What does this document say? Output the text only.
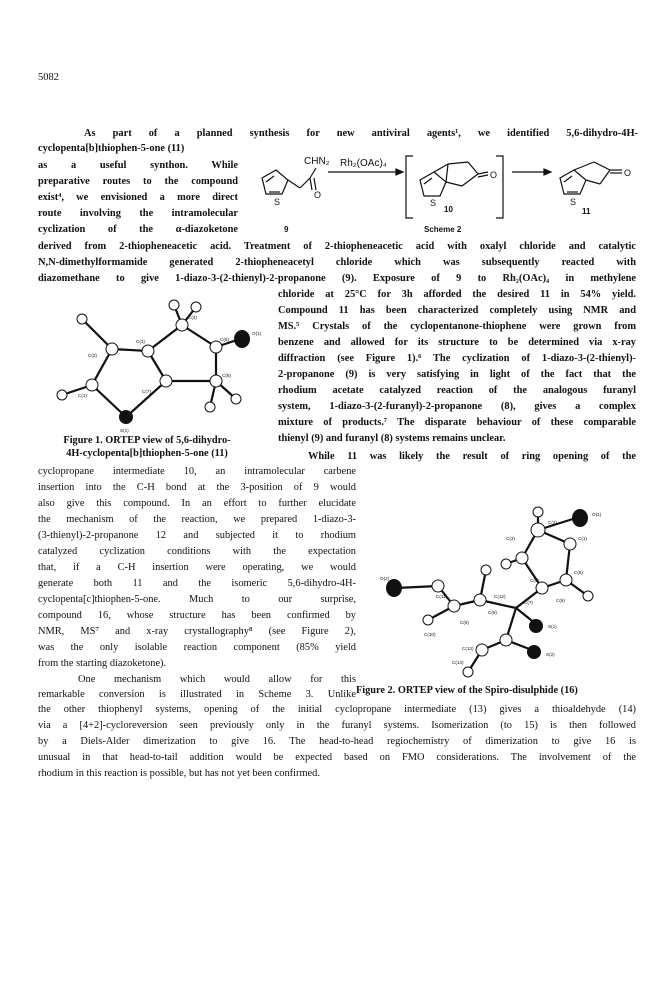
5082
As part of a planned synthesis for new antiviral agents¹, we identified 5,6-dihydro-4H-
cyclopenta[b]thiophen-5-one (11)
as a useful synthon. While
preparative routes to the compound
exist⁴, we envisioned a more direct
route involving the intramolecular
cyclization of the α-diazoketone
S
CHN₂ Rh₂(OAc)₄
O
9
S
O
10
S
O
11
Scheme 2
derived from 2-thiopheneacetic acid. Treatment of 2-thiopheneacetic acid with oxalyl chloride and catalytic
N,N-dimethylformamide generated 2-thiopheneacetyl chloride which was subsequently reacted with
diazomethane to give 1-diazo-3-(2-thienyl)-2-propanone (9). Exposure of 9 to Rh₂(OAc)₄ in methylene
chloride at 25°C for 3h afforded the desired 11 in 54% yield.
Compound 11 has been characterized completely using NMR and
MS.⁵ Crystals of the cyclopentanone-thiophene were grown from
benzene and allowed for its structure to be determined via x-ray
diffraction (see Figure 1).⁶ The cyclization of 1-diazo-3-(2-thienyl)-
2-propanone (9) is very satisfying in light of the fact that the
rhodium acetate catalyzed reaction of the analogous furanyl
system, 1-diazo-3-(2-furanyl)-2-propanone (8), gives a complex
mixture of products.⁷ The disparate behaviour of these comparable
thienyl (9) and furanyl (8) systems remains unclear.
While 11 was likely the result of ring opening of the
C(4)
C(5)
O(1)
C(3)
C(2)
C(6)
C(1)
C(7)
S(1)
Figure 1. ORTEP view of 5,6-dihydro-
4H-cyclopenta[b]thiophen-5-one (11)
cyclopropane intermediate 10, an intramolecular carbene
insertion into the C-H bond at the 3-position of 9 would
also give this compound. In an effort to further elucidate
the mechanism of the reaction, we prepared 1-diazo-3-
(3-thienyl)-2-propanone 12 and subjected it to rhodium
catalyzed cyclization conditions with the expectation
that, if a C-H insertion were operating, we would
generate both 11 and the isomeric 5,6-dihydro-4H-
cyclopenta[c]thiophen-5-one. Much to our surprise,
compound 16, whose structure has been confirmed by
NMR, MS⁷ and x-ray crystallography⁸ (see Figure 2),
was the only isolable reaction component (85% yield
from the starting diazoketone).
One mechanism which would allow for this
remarkable conversion is illustrated in Scheme 3. Unlike
C(2)
O(1)
C(3)	C(1)
C(4)
C(5)
O(2)
C(11)	C(12)
C(7)	C(6)
C(8)
C(10)
C(9)
S(1)
C(13)
C(14)
S(2)
Figure 2. ORTEP view of the Spiro-disulphide (16)
the other thiophenyl systems, opening of the initial cyclopropane intermediate (13) gives a thioaldehyde (14)
via a [4+2]-cycloreversion seen previously only in the furanyl systems. Isomerization (to 15) is then followed
by a Diels-Alder dimerization to give 16. The head-to-head regiochemistry of dimerization to give 16 is
unusual in that head-to-tail addition would be expected based on FMO considerations. The involvement of the
rhodium in this reaction is possible, but has not yet been confirmed.
